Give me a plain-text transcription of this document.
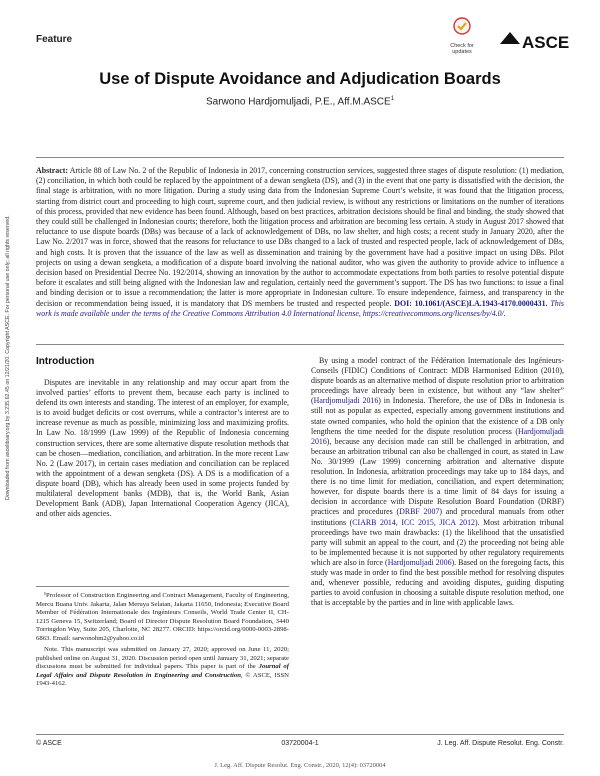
Feature
Check for updates	ASCE
Use of Dispute Avoidance and Adjudication Boards
Sarwono Hardjomuljadi, P.E., Aff.M.ASCE$^1$
Abstract: Article 88 of Law No. 2 of the Republic of Indonesia in 2017, concerning construction services, suggested three stages of dispute resolution: (1) mediation, (2) conciliation, in which both could be replaced by the appointment of a dewan sengketa (DS), and (3) in the event that one party is dissatisfied with the decision, the final stage is arbitration, with no more litigation. During a study using data from the Indonesian Supreme Court’s website, it was found that the litigation process, starting from district court and proceeding to high court, supreme court, and then judicial review, is without any restrictions or limitations on the number of iterations of this process, provided that new evidence has been found. Although, based on best practices, arbitration decisions should be final and binding, the study showed that they could still be challenged in Indonesian courts; therefore, both the litigation process and arbitration are becoming less certain. A study in August 2017 showed that reluctance to use dispute boards (DBs) was because of a lack of acknowledgement of DBs, no law shelter, and high costs; a recent study in January 2020, after the Law No. 2/2017 was in force, showed that the reasons for reluctance to use DBs changed to a lack of trusted and respected people, lack of acknowledgement of DBs, and high costs. It is proven that the issuance of the law as well as dissemination and training by the government have had a positive impact on using DBs. Pilot projects on using a dewan sengketa, a modification of a dispute board involving the national auditor, who was given the authority to provide advice to influence a decision based on Presidential Decree No. 192/2014, showing an innovation by the author to accommodate expectations from both parties to resolve potential dispute before it escalates and still being aligned with the Indonesian law and regulation, certainly need the government’s support. The DS has two functions: to issue a final and binding decision or to issue a recommendation; the latter is more appropriate in Indonesian culture. To ensure independence, fairness, and transparency in the decision or recommendation being issued, it is mandatory that DS members be trusted and respected people. DOI: 10.1061/(ASCE)LA.1943-4170.0000431. This work is made available under the terms of the Creative Commons Attribution 4.0 International license, https://creativecommons.org/licenses/by/4.0/.
Downloaded from ascelibrary.org by 3.235.62.45 on 12/21/20. Copyright ASCE. For personal use only; all rights reserved.	Introduction

Disputes are inevitable in any relationship and may occur apart from the involved parties’ efforts to prevent them, because each party is inclined to defend its own interests and standing. The interest of an employer, for example, is to avoid budget deficits or cost overruns, while a contractor’s interest are to increase revenue as much as possible, minimizing loss and maximizing profits. In Law No. 18/1999 (Law 1999) of the Republic of Indonesia concerning construction services, there are some alternative dispute resolution methods that can be chosen—mediation, conciliation, and arbitration. In the more recent Law No. 2 (Law 2017), in certain cases mediation and conciliation can be replaced with the appointment of a dewan sengketa (DS). A DS is a modification of a dispute board (DB), which has already been used in some projects funded by multilateral development banks (MDB), that is, the World Bank, Asian Development Bank (ADB), Japan International Cooperation Agency (JICA), and other aids agencies.

By using a model contract of the Fédération Internationale des Ingénieurs-Conseils (FIDIC) Conditions of Contract: MDB Harmonised Edition (2010), dispute boards as an alternative method of dispute resolution prior to arbitration proceedings have already been in existence, but without any “law shelter” (Hardjomuljadi 2016) in Indonesia. Therefore, the use of DBs in Indonesia is still not as popular as expected, especially among government institutions and state owned companies, who hold the opinion that the existence of a DB only lengthens the time needed for the dispute resolution process (Hardjomuljadi 2016), because any decision made can still be challenged in arbitration, and because an arbitration tribunal can also be challenged in court, as stated in Law No. 30/1999 (Law 1999) concerning arbitration and alternative dispute resolution. In Indonesia, arbitration proceedings may take up to 184 days, and there is no time limit for mediation, conciliation, and expert determination; however, for dispute boards there is a time limit of 84 days for issuing a decision in accordance with Dispute Resolution Board Foundation (DRBF) practices and procedures (DRBF 2007) and procedural manuals from other institutions (CIARB 2014, ICC 2015, JICA 2012). Most arbitration tribunal proceedings have two main drawbacks: (1) the likelihood that the unsatisfied party will submit an appeal to the court, and (2) the proceeding not being able to be implemented because it is not supported by other regulatory requirements which are also in force (Hardjomuljadi 2006). Based on the foregoing facts, this study was made in order to find the best possible method for resolving disputes and, whenever possible, reducing and avoiding disputes, guiding disputing parties to avoid confusion in choosing a suitable dispute resolution method, one that is acceptable by the parties and in line with applicable laws.

¹Professor of Construction Engineering and Contract Management, Faculty of Engineering, Mercu Buana Univ. Jakarta, Jalan Meruya Selatan, Jakarta 11650, Indonesia; Executive Board Member of Fédération Internationale des Ingénieurs Conseils, World Trade Center II, CH-1215 Geneva 15, Switzerland; Board of Director Dispute Resolution Board Foundation, 3440 Torringdon Way, Suite 205, Charlotte, NC 28277. ORCID: https://orcid.org/0000-0003-2898-6863. Email: sarwonohm2@yahoo.co.id

Note. This manuscript was submitted on January 27, 2020; approved on June 11, 2020; published online on August 31, 2020. Discussion period open until January 31, 2021; separate discussions must be submitted for individual papers. This paper is part of the Journal of Legal Affairs and Dispute Resolution in Engineering and Construction, © ASCE, ISSN 1943-4162.

© ASCE	03720004-1	J. Leg. Aff. Dispute Resolut. Eng. Constr.
J. Leg. Aff. Dispute Resolut. Eng. Constr., 2020, 12(4): 03720004
